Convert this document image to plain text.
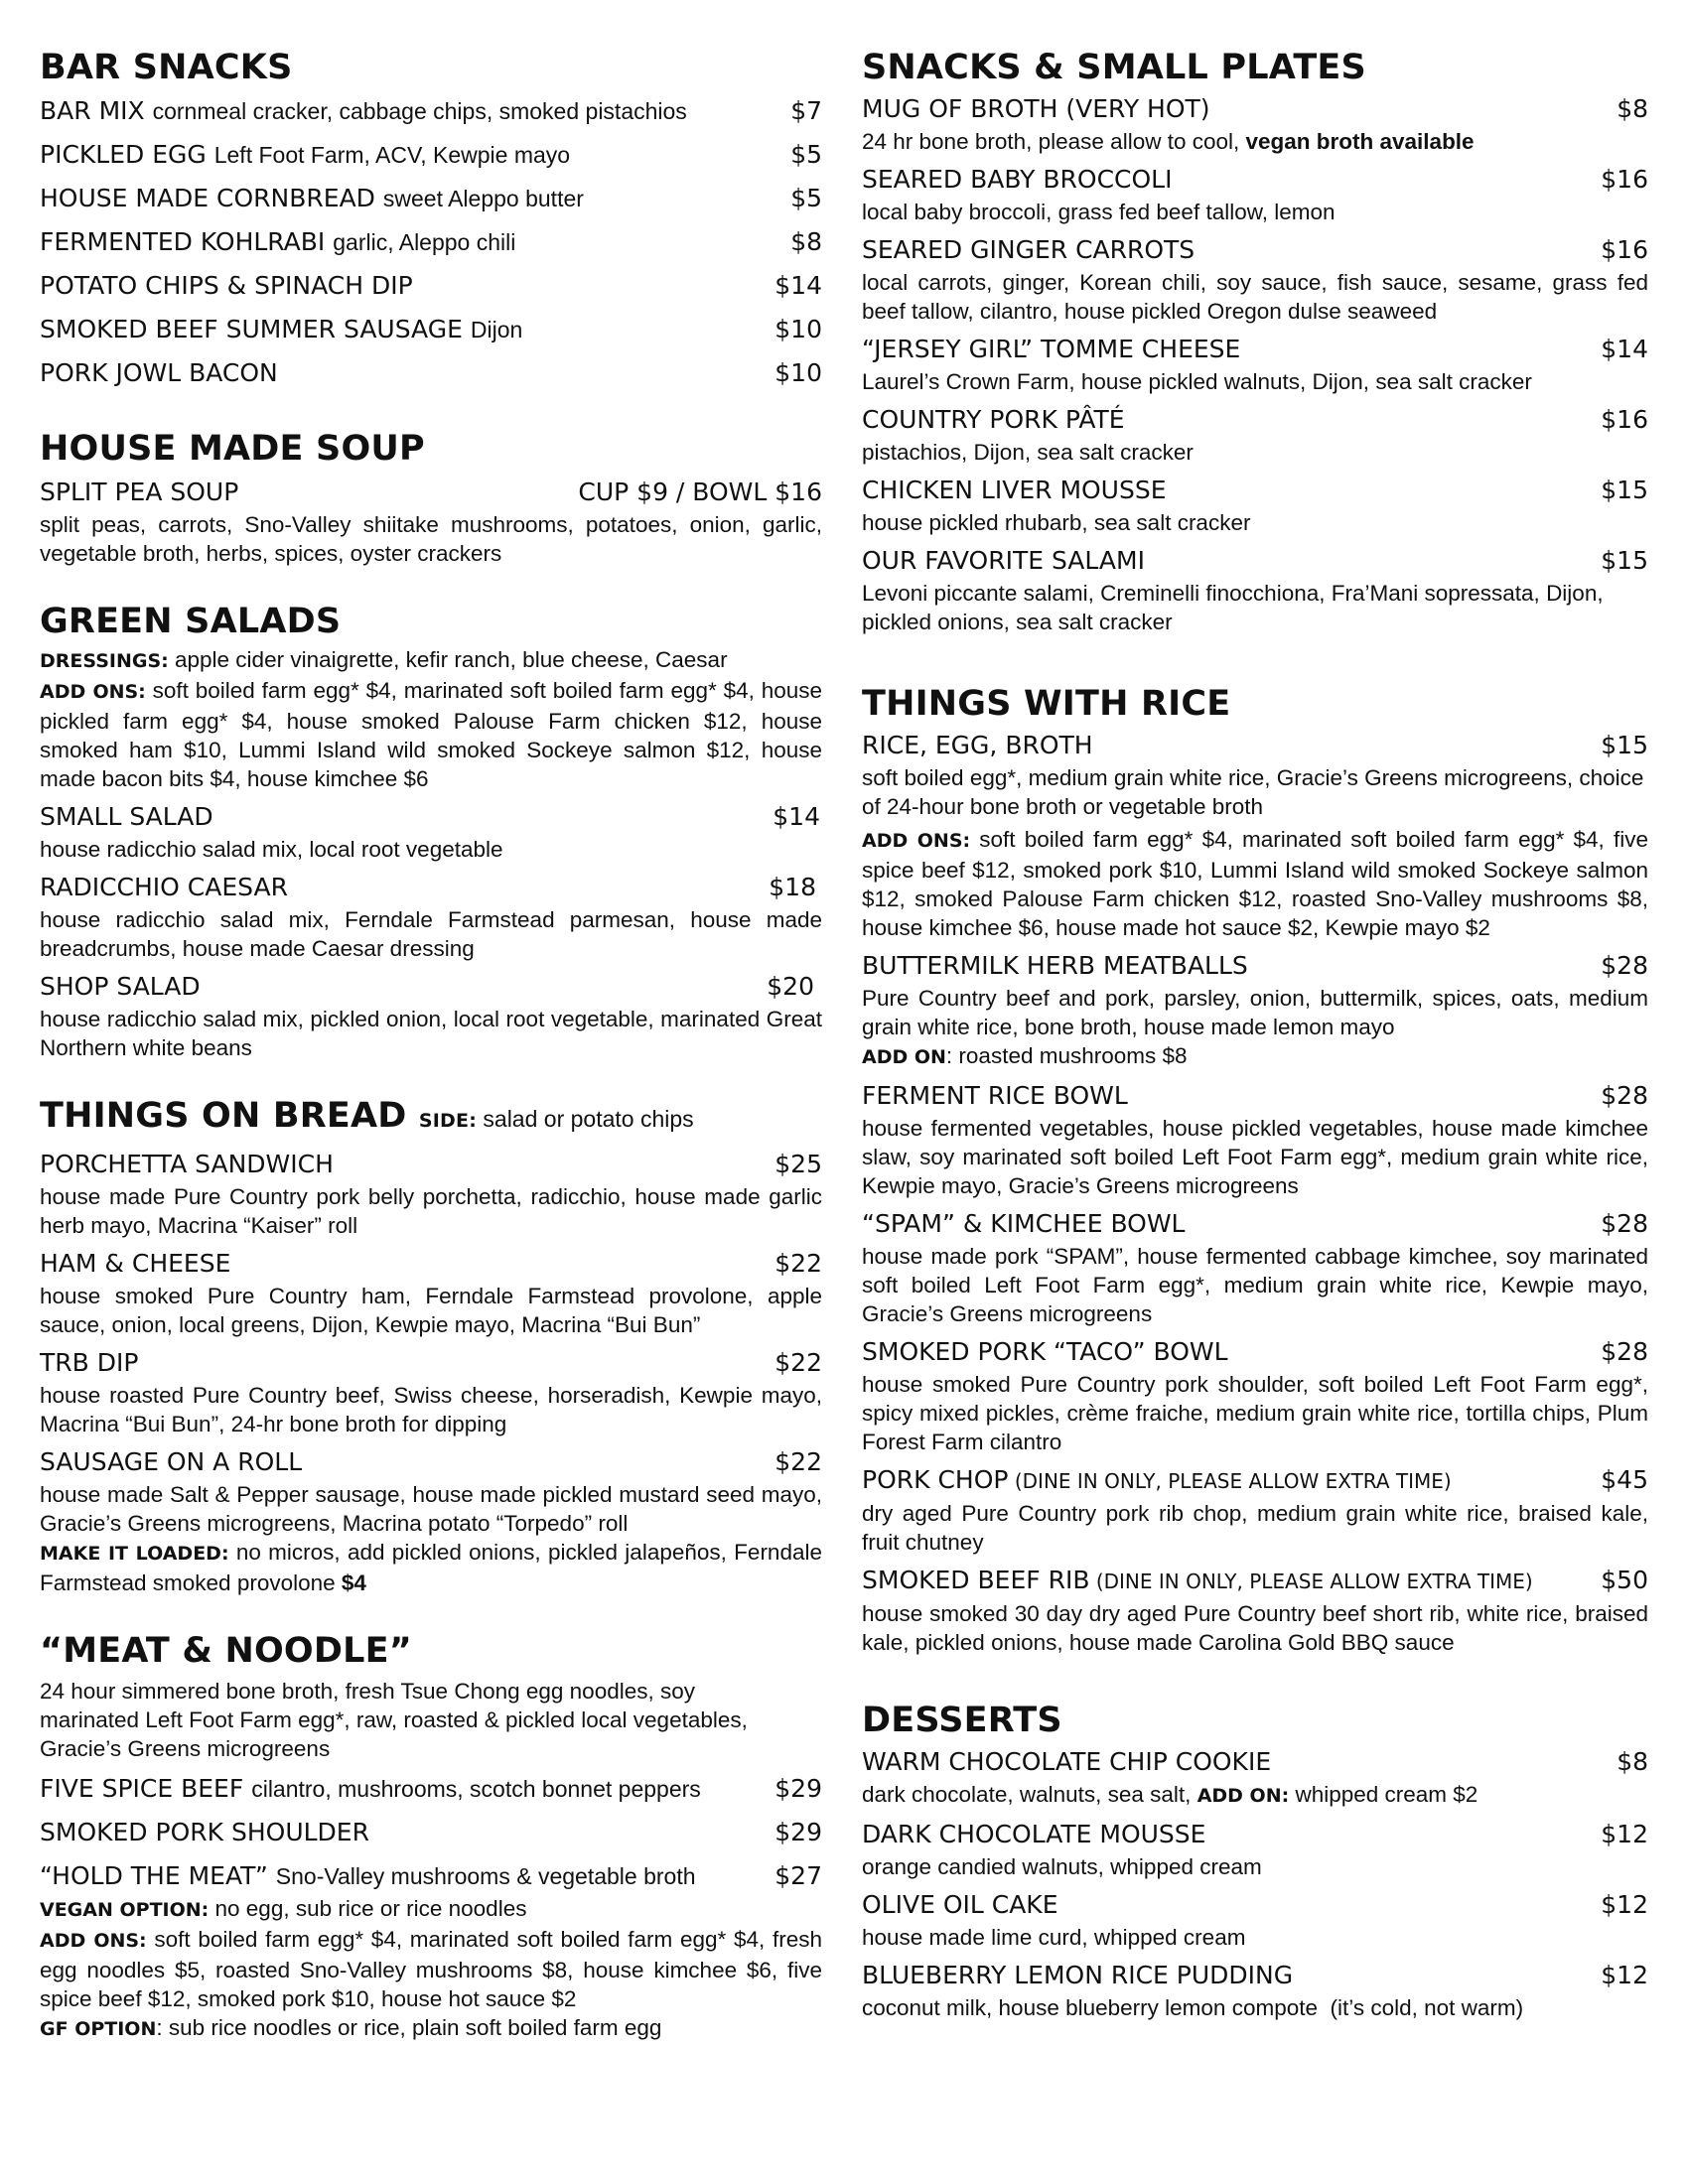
BAR SNACKS
BAR MIX cornmeal cracker, cabbage chips, smoked pistachios	$7
PICKLED EGG Left Foot Farm, ACV, Kewpie mayo	$5
HOUSE MADE CORNBREAD sweet Aleppo butter	$5
FERMENTED KOHLRABI garlic, Aleppo chili	$8
POTATO CHIPS & SPINACH DIP	$14
SMOKED BEEF SUMMER SAUSAGE Dijon	$10
PORK JOWL BACON	$10
HOUSE MADE SOUP
SPLIT PEA SOUP	CUP $9 / BOWL $16

split peas, carrots, Sno-Valley shiitake mushrooms, potatoes, onion, garlic, vegetable broth, herbs, spices, oyster crackers

GREEN SALADS

DRESSINGS: apple cider vinaigrette, kefir ranch, blue cheese, Caesar

ADD ONS: soft boiled farm egg* $4, marinated soft boiled farm egg* $4, house pickled farm egg* $4, house smoked Palouse Farm chicken $12, house smoked ham $10, Lummi Island wild smoked Sockeye salmon $12, house made bacon bits $4, house kimchee $6

SMALL SALAD	$14

house radicchio salad mix, local root vegetable

RADICCHIO CAESAR	$18

house radicchio salad mix, Ferndale Farmstead parmesan, house made breadcrumbs, house made Caesar dressing

SHOP SALAD	$20

house radicchio salad mix, pickled onion, local root vegetable, marinated Great Northern white beans

THINGS ON BREAD SIDE: salad or potato chips
PORCHETTA SANDWICH	$25

house made Pure Country pork belly porchetta, radicchio, house made garlic herb mayo, Macrina “Kaiser” roll

HAM & CHEESE	$22

house smoked Pure Country ham, Ferndale Farmstead provolone, apple sauce, onion, local greens, Dijon, Kewpie mayo, Macrina “Bui Bun”

TRB DIP	$22

house roasted Pure Country beef, Swiss cheese, horseradish, Kewpie mayo, Macrina “Bui Bun”, 24-hr bone broth for dipping

SAUSAGE ON A ROLL	$22

house made Salt & Pepper sausage, house made pickled mustard seed mayo, Gracie’s Greens microgreens, Macrina potato “Torpedo” roll

MAKE IT LOADED: no micros, add pickled onions, pickled jalapeños, Ferndale Farmstead smoked provolone $4

“MEAT & NOODLE”

24 hour simmered bone broth, fresh Tsue Chong egg noodles, soy marinated Left Foot Farm egg*, raw, roasted & pickled local vegetables, Gracie’s Greens microgreens

FIVE SPICE BEEF cilantro, mushrooms, scotch bonnet peppers	$29
SMOKED PORK SHOULDER	$29
“HOLD THE MEAT” Sno-Valley mushrooms & vegetable broth	$27

VEGAN OPTION: no egg, sub rice or rice noodles

ADD ONS: soft boiled farm egg* $4, marinated soft boiled farm egg* $4, fresh egg noodles $5, roasted Sno-Valley mushrooms $8, house kimchee $6, five spice beef $12, smoked pork $10, house hot sauce $2

GF OPTION: sub rice noodles or rice, plain soft boiled farm egg

SNACKS & SMALL PLATES
MUG OF BROTH (VERY HOT)	$8

24 hr bone broth, please allow to cool, vegan broth available

SEARED BABY BROCCOLI	$16

local baby broccoli, grass fed beef tallow, lemon

SEARED GINGER CARROTS	$16

local carrots, ginger, Korean chili, soy sauce, fish sauce, sesame, grass fed beef tallow, cilantro, house pickled Oregon dulse seaweed

“JERSEY GIRL” TOMME CHEESE	$14

Laurel’s Crown Farm, house pickled walnuts, Dijon, sea salt cracker

COUNTRY PORK PÂTÉ	$16

pistachios, Dijon, sea salt cracker

CHICKEN LIVER MOUSSE	$15

house pickled rhubarb, sea salt cracker

OUR FAVORITE SALAMI	$15

Levoni piccante salami, Creminelli finocchiona, Fra’Mani sopressata, Dijon, pickled onions, sea salt cracker

THINGS WITH RICE
RICE, EGG, BROTH	$15

soft boiled egg*, medium grain white rice, Gracie’s Greens microgreens, choice of 24-hour bone broth or vegetable broth

ADD ONS: soft boiled farm egg* $4, marinated soft boiled farm egg* $4, five spice beef $12, smoked pork $10, Lummi Island wild smoked Sockeye salmon $12, smoked Palouse Farm chicken $12, roasted Sno-Valley mushrooms $8, house kimchee $6, house made hot sauce $2, Kewpie mayo $2

BUTTERMILK HERB MEATBALLS	$28

Pure Country beef and pork, parsley, onion, buttermilk, spices, oats, medium grain white rice, bone broth, house made lemon mayo

ADD ON: roasted mushrooms $8

FERMENT RICE BOWL	$28

house fermented vegetables, house pickled vegetables, house made kimchee slaw, soy marinated soft boiled Left Foot Farm egg*, medium grain white rice, Kewpie mayo, Gracie’s Greens microgreens

“SPAM” & KIMCHEE BOWL	$28

house made pork “SPAM”, house fermented cabbage kimchee, soy marinated soft boiled Left Foot Farm egg*, medium grain white rice, Kewpie mayo, Gracie’s Greens microgreens

SMOKED PORK “TACO” BOWL	$28

house smoked Pure Country pork shoulder, soft boiled Left Foot Farm egg*, spicy mixed pickles, crème fraiche, medium grain white rice, tortilla chips, Plum Forest Farm cilantro

PORK CHOP (DINE IN ONLY, PLEASE ALLOW EXTRA TIME)	$45

dry aged Pure Country pork rib chop, medium grain white rice, braised kale, fruit chutney

SMOKED BEEF RIB (DINE IN ONLY, PLEASE ALLOW EXTRA TIME)	$50

house smoked 30 day dry aged Pure Country beef short rib, white rice, braised kale, pickled onions, house made Carolina Gold BBQ sauce

DESSERTS
WARM CHOCOLATE CHIP COOKIE	$8

dark chocolate, walnuts, sea salt, ADD ON: whipped cream $2

DARK CHOCOLATE MOUSSE	$12

orange candied walnuts, whipped cream

OLIVE OIL CAKE	$12

house made lime curd, whipped cream

BLUEBERRY LEMON RICE PUDDING	$12

coconut milk, house blueberry lemon compote  (it’s cold, not warm)
